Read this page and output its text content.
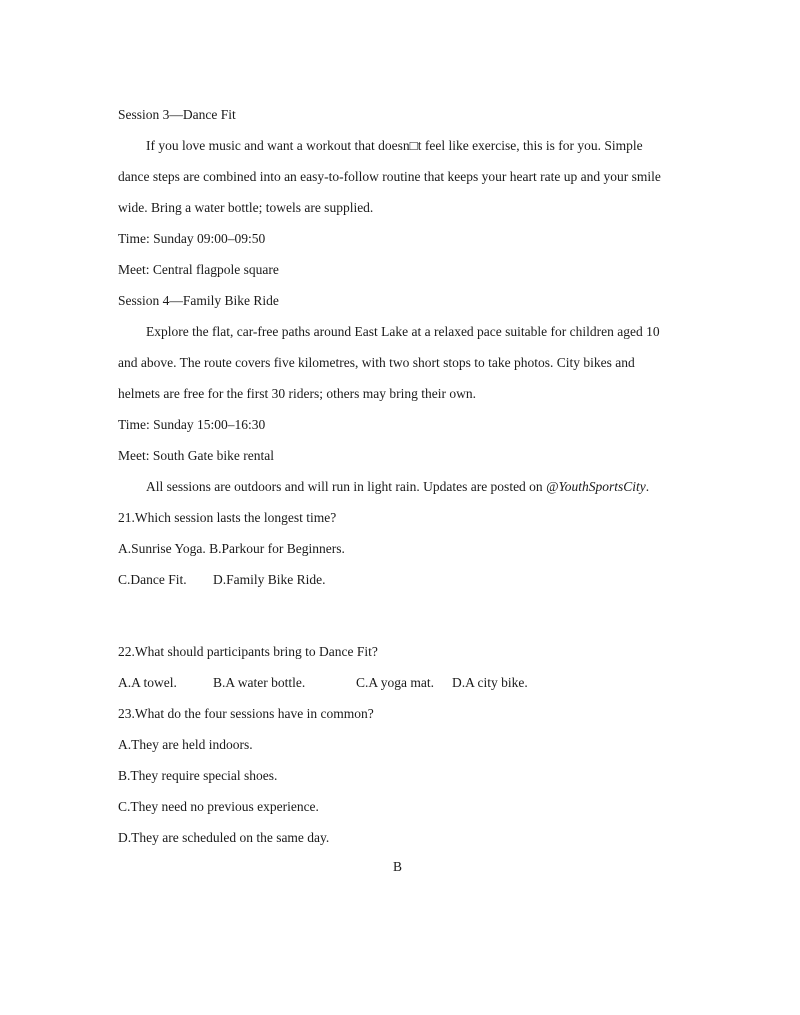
Session 3—Dance Fit
If you love music and want a workout that doesn□t feel like exercise, this is for you. Simple
dance steps are combined into an easy-to-follow routine that keeps your heart rate up and your smile
wide. Bring a water bottle; towels are supplied.
Time: Sunday 09:00–09:50
Meet: Central flagpole square
Session 4—Family Bike Ride
Explore the flat, car-free paths around East Lake at a relaxed pace suitable for children aged 10
and above. The route covers five kilometres, with two short stops to take photos. City bikes and
helmets are free for the first 30 riders; others may bring their own.
Time: Sunday 15:00–16:30
Meet: South Gate bike rental
All sessions are outdoors and will run in light rain. Updates are posted on @YouthSportsCity.
21.Which session lasts the longest time?
A.Sunrise Yoga. B.Parkour for Beginners.
C.Dance Fit. D.Family Bike Ride.
22.What should participants bring to Dance Fit?
A.A towel.	B.A water bottle.	C.A yoga mat. D.A city bike.
23.What do the four sessions have in common?
A.They are held indoors.
B.They require special shoes.
C.They need no previous experience.
D.They are scheduled on the same day.
B
